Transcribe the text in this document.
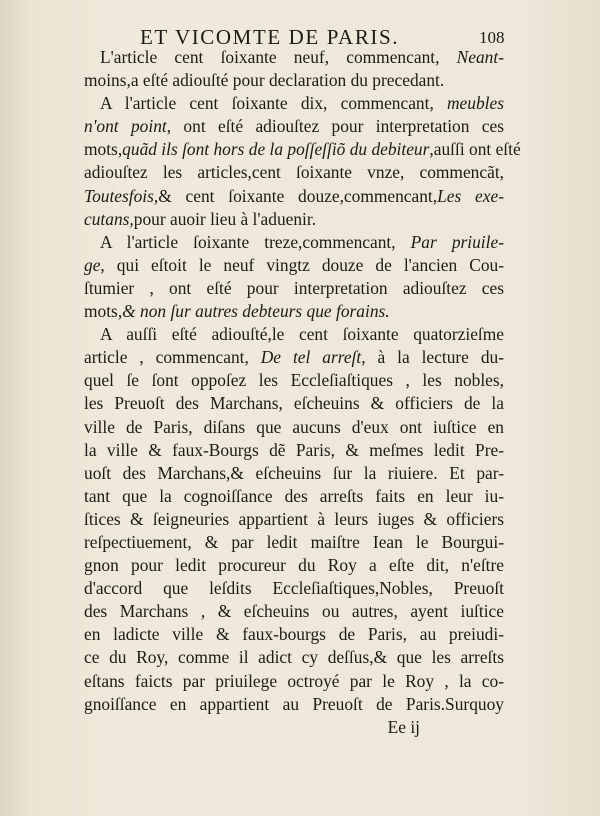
ET VICOMTE DE PARIS.	108
L'article cent ſoixante neuf, commencant, Neant-
moins,a eſté adiouſté pour declaration du precedant.
A l'article cent ſoixante dix, commencant, meubles
n'ont point, ont eſté adiouſtez pour interpretation ces
mots,quãd ils ſont hors de la poſſeſſiõ du debiteur,auſſi ont eſté
adiouſtez les articles,cent ſoixante vnze, commencãt,
Toutesfois,& cent ſoixante douze,commencant,Les exe-
cutans,pour auoir lieu à l'aduenir.
A l'article ſoixante treze,commencant, Par priuile-
ge, qui eſtoit le neuf vingtz douze de l'ancien Cou-
ſtumier , ont eſté pour interpretation adiouſtez ces
mots,& non ſur autres debteurs que forains.
A auſſi eſté adiouſté,le cent ſoixante quatorzieſme
article , commencant, De tel arreſt, à la lecture du-
quel ſe ſont oppoſez les Eccleſiaſtiques , les nobles,
les Preuoſt des Marchans, eſcheuins & officiers de la
ville de Paris, diſans que aucuns d'eux ont iuſtice en
la ville & faux-Bourgs dẽ Paris, & meſmes ledit Pre-
uoſt des Marchans,& eſcheuins ſur la riuiere. Et par-
tant que la cognoiſſance des arreſts faits en leur iu-
ſtices & ſeigneuries appartient à leurs iuges & officiers
reſpectiuement, & par ledit maiſtre Iean le Bourgui-
gnon pour ledit procureur du Roy a eſte dit, n'eſtre
d'accord que leſdits Eccleſiaſtiques,Nobles, Preuoſt
des Marchans , & eſcheuins ou autres, ayent iuſtice
en ladicte ville & faux-bourgs de Paris, au preiudi-
ce du Roy, comme il adict cy deſſus,& que les arreſts
eſtans faicts par priuilege octroyé par le Roy , la co-
gnoiſſance en appartient au Preuoſt de Paris.Surquoy
Ee ij
